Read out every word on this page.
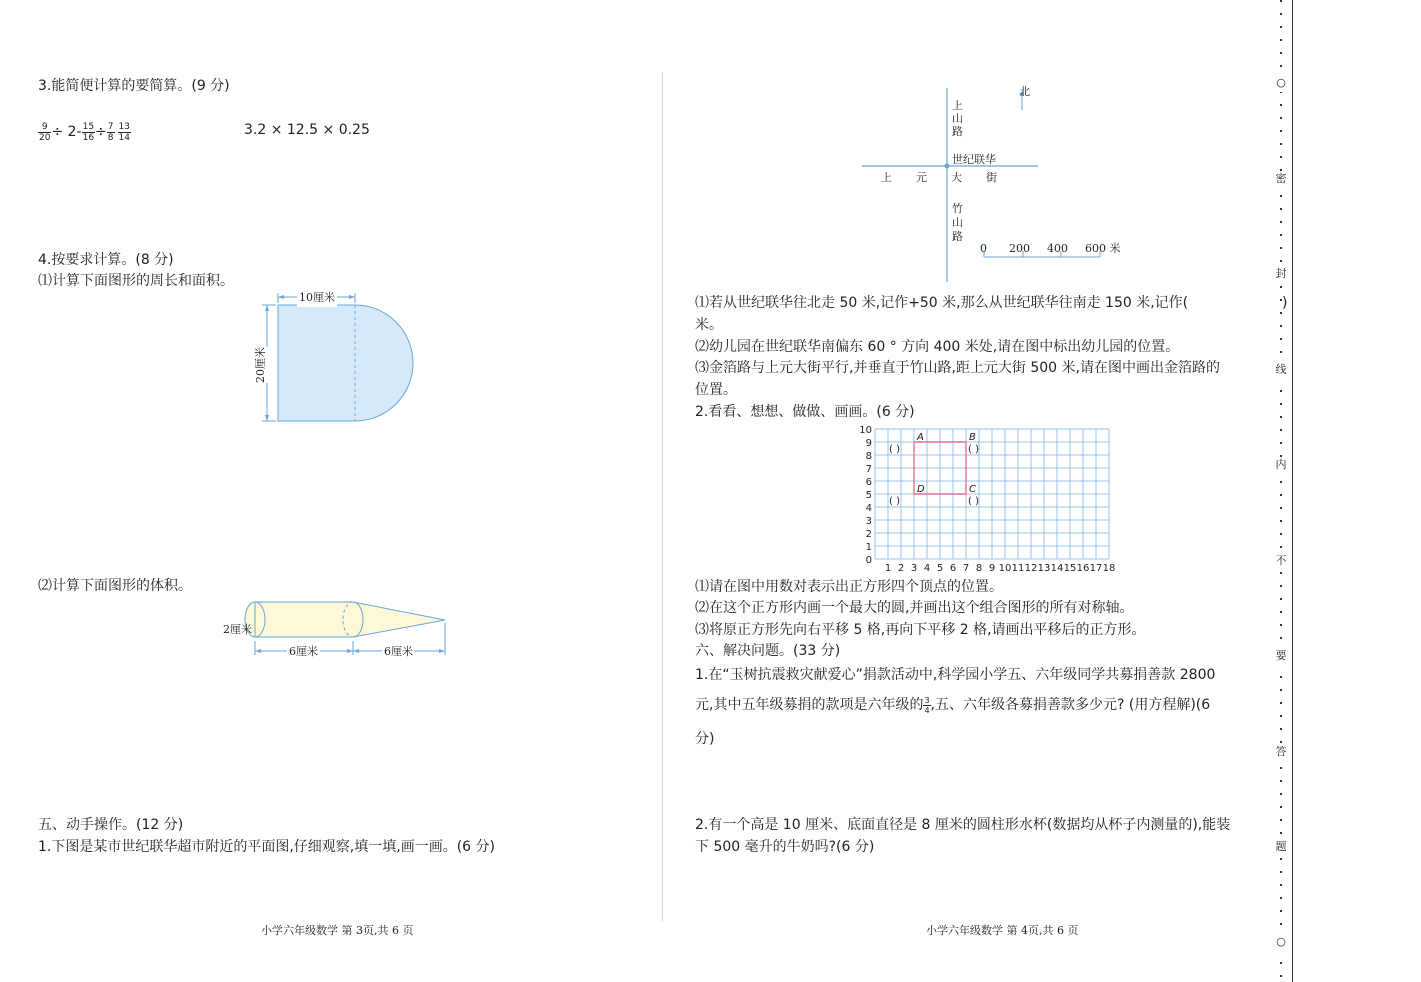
3.能简便计算的要简算。(9 分)
$\frac{9}{20} \div 2- \frac{15}{16} \div \frac{7}{8} \frac{13}{14}$	3.2 × 12.5 × 0.25
4.按要求计算。(8 分)
⑴计算下面图形的周长和面积。
10厘米
20厘米
⑵计算下面图形的体积。
2厘米
6厘米	6厘米
五、动手操作。(12 分)
1.下图是某市世纪联华超市附近的平面图,仔细观察,填一填,画一画。(6 分)
小学六年级数学 第 3页,共 6 页
北
上
山
路
竹
山
路
世纪联华
上 元 大 街
0 200 400 600 米
⑴若从世纪联华往北走 50 米,记作+50 米,那么从世纪联华往南走 150 米,记作(	)
米。
⑵幼儿园在世纪联华南偏东 60 ° 方向 400 米处,请在图中标出幼儿园的位置。
⑶金箔路与上元大街平行,并垂直于竹山路,距上元大街 500 米,请在图中画出金箔路的
位置。
2.看看、想想、做做、画画。(6 分)
1 2 3 4 5 6 7 8 9 10 11 12 13 14 15 16 17 18
0
1
2
3
4
5
6
7
8
9
10
A
( )
B
( )
C
( )
D
( )
⑴请在图中用数对表示出正方形四个顶点的位置。
⑵在这个正方形内画一个最大的圆,并画出这个组合图形的所有对称轴。
⑶将原正方形先向右平移 5 格,再向下平移 2 格,请画出平移后的正方形。
六、解决问题。(33 分)
1.在“玉树抗震救灾献爱心”捐款活动中,科学园小学五、六年级同学共募捐善款 2800
元,其中五年级募捐的款项是六年级的 $\frac{3}{4}$ ,五、六年级各募捐善款多少元? (用方程解)(6
分)
2.有一个高是 10 厘米、底面直径是 8 厘米的圆柱形水杯(数据均从杯子内测量的),能装
下 500 毫升的牛奶吗?(6 分)
小学六年级数学 第 4页,共 6 页
○
密
封
线
内
不
要
答
题
○
